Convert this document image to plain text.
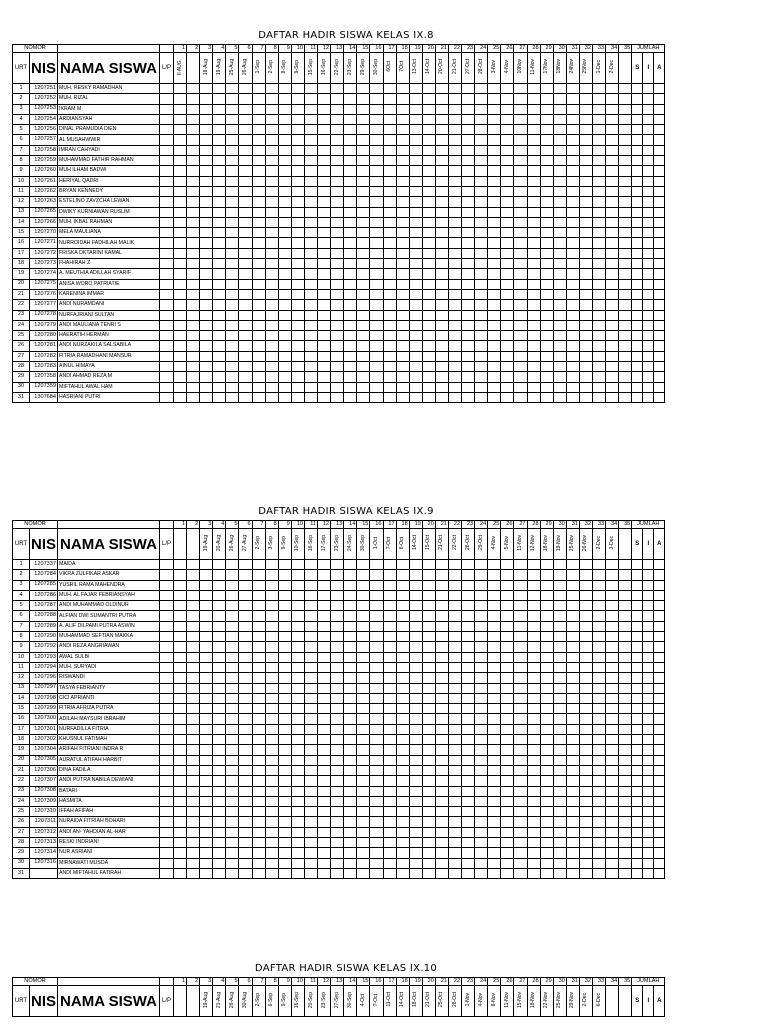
DAFTAR HADIR SISWA KELAS IX.8
NOMOR				1	2	3	4	5	6	7	8	9	10	11	12	13	14	15	16	17	18	19	20	21	22	23	24	25	26	27	28	29	30	31	32	33	34	35	JUMLAH		
URT	NIS	NAMA SISWA	L/P	II AUG.		18-Aug	19-Aug	25-Aug	26-Aug	1-Sep	2-Sep	8-Sep	9-Sep	15-Sep	16-Sep	22-Sep	23-Sep	29-Sep	30-Sep	6Oct	7Oct	13-Oct	14-Oct	20-Oct	21-Oct	27-Oct	28-Oct	3-Nov	4-Nov	10Nov	11-Nov	17Nov	18Nov	24Nov	25Nov	1-Dec	2-Dec		S	I	A
1	1207251	MUH. RESKY RAMADHAN																																							
2	1207252	MUH. RIZAL																																							
3	1207253	IKRAM M																																							
4	1207254	ARDIANSYAH																																							
5	1207256	DINAL PRAMUDIA DIEN																																							
6	1207257	AL MUSAHWWIR																																							
7	1207258	IMRAN CAHYADI																																							
8	1207259	MUHAMMAD FATHIR RAHMAN																																							
9	1207260	MUH ILHAM BADWI																																							
10	1207261	HERIYAL QADRI																																							
11	1207262	BRYAN KENNEDY																																							
12	1207263	ESTELINO ZAVZCHA LEWAN																																							
13	1207265	DWIKY KURNIAWAN RUSLIM																																							
14	1207266	MUH. IKBAL RAHMAN																																							
15	1207270	MELA MAULIANA																																							
16	1207271	NURROIDAH FADHILAH MALIK																																							
17	1207272	FRISKA OKTARINI KAMAL																																							
18	1207273	FHAHIRAH Z																																							
19	1207274	A. MEUTHIA ADILLAH SYARIF																																							
20	1207275	ANISA WORO PATRIATIE																																							
21	1207276	KARENINA IMMAR																																							
22	1207277	ANDI NURAMDANI																																							
23	1207278	NURFAJRIANI SULTAN																																							
24	1207279	ANDI MAULIANA TENRI S																																							
25	1207280	HAERATIH HERMAN																																							
26	1207281	ANDI NURZAKILA SALSABILA																																							
27	1207282	FITRIA RAMADHANI MANSUR																																							
28	1207283	AINUL HIMAYA																																							
29	1207358	ANDI AHMAD REZA M																																							
30	1207359	MIFTAHUL AWAL HAM																																							
31	1307684	HASRIANI PUTRI																																							
DAFTAR HADIR SISWA KELAS IX.9
NOMOR				1	2	3	4	5	6	7	8	9	10	11	12	13	14	15	16	17	18	19	20	21	22	23	24	25	26	27	28	29	30	31	32	33	34	35	JUMLAH		
URT	NIS	NAMA SISWA	L/P			19-Aug	20-Aug	26-Aug	27-Aug	2-Sep	3-Sep	9-Sep	10-Sep	16-Sep	17-Sep	23-Sep	24-Sep	30-Sep	1-Oct	7-Oct	8-Oct	14-Oct	15-Oct	21-Oct	22-Oct	28-Oct	29-Oct	4-Nov	5-Nov	11-Nov	12-Nov	18-Nov	19-Nov	25-Nov	26-Nov	2-Dec	3-Dec		S	I	A
1	1207337	MAIDA																																							
2	1207284	VIKRA ZULFIKAR ASKAR																																							
3	1207285	YUSRIL RAMA MAHENDRA																																							
4	1207286	MUH. AL FAJAR FEBRIANSYAH																																							
5	1207287	ANDI MUHAMMAD OLDINUR																																							
6	1207288	ALFIAN DWI SUMANTRI PUTRA																																							
7	1207289	A. ALIF DILPAMI PUTRA ASWIN																																							
8	1207290	MUHAMMAD SEFTIAN MAKKA																																							
9	1207292	ANDI REZA ANGRIAWAN																																							
10	1207293	AWAL SULBI																																							
11	1207294	MUH. SURYADI																																							
12	1207296	RISWANDI																																							
13	1207297	TASYA FEBRIANTY																																							
14	1207298	CICI APRIANTI																																							
15	1207299	FITRIA AFRIZA PUTRA																																							
16	1207300	ADILAH MAYSURI IBRAHIM																																							
17	1207301	NURFADILLA FITRIA																																							
18	1207302	KHUSNUL FATIMAH																																							
19	1207304	ARIFAH FITRIANI INDRA R																																							
20	1207305	AURATUL ATIFAH HARBIT																																							
21	1207306	DINA FADILA																																							
22	1207307	ANDI PUTRA NABILA DEWIANI																																							
23	1207308	BATARI																																							
24	1207309	HASMITA																																							
25	1207310	IFFAH AFIFAH																																							
26	1207311	NURAIDA FITRIAH BOHARI																																							
27	1207312	ANDI AN- YAHDIAN AL-HAR																																							
28	1207313	RESKI INDRIANI																																							
29	1207314	NUR ASRIANI																																							
30	1207316	MIRNAWATI MUSDA																																							
31		ANDI MIFTAHUL FATIRAH																																							
DAFTAR HADIR SISWA KELAS IX.10
NOMOR				1	2	3	4	5	6	7	8	9	10	11	12	13	14	15	16	17	18	19	20	21	22	23	24	25	26	27	28	29	30	31	32	33	34	35	JUMLAH		
URT	NIS	NAMA SISWA	L/P			19-Aug	21-Aug	26-Aug	30-Aug	2-Sep	6-Sep	9-Sep	16-Sep	20-Sep	23-Sep	27-Sep	30-Sep	4-Oct	7-Oct	11-Oct	14-Oct	18-Oct	21-Oct	25-Oct	28-Oct	1-Nov	4-Nov	8-Nov	11-Nov	15-Nov	18-Nov	22-Nov	25-Nov	29-Nov	2-Dec	6-Dec			S	I	A
